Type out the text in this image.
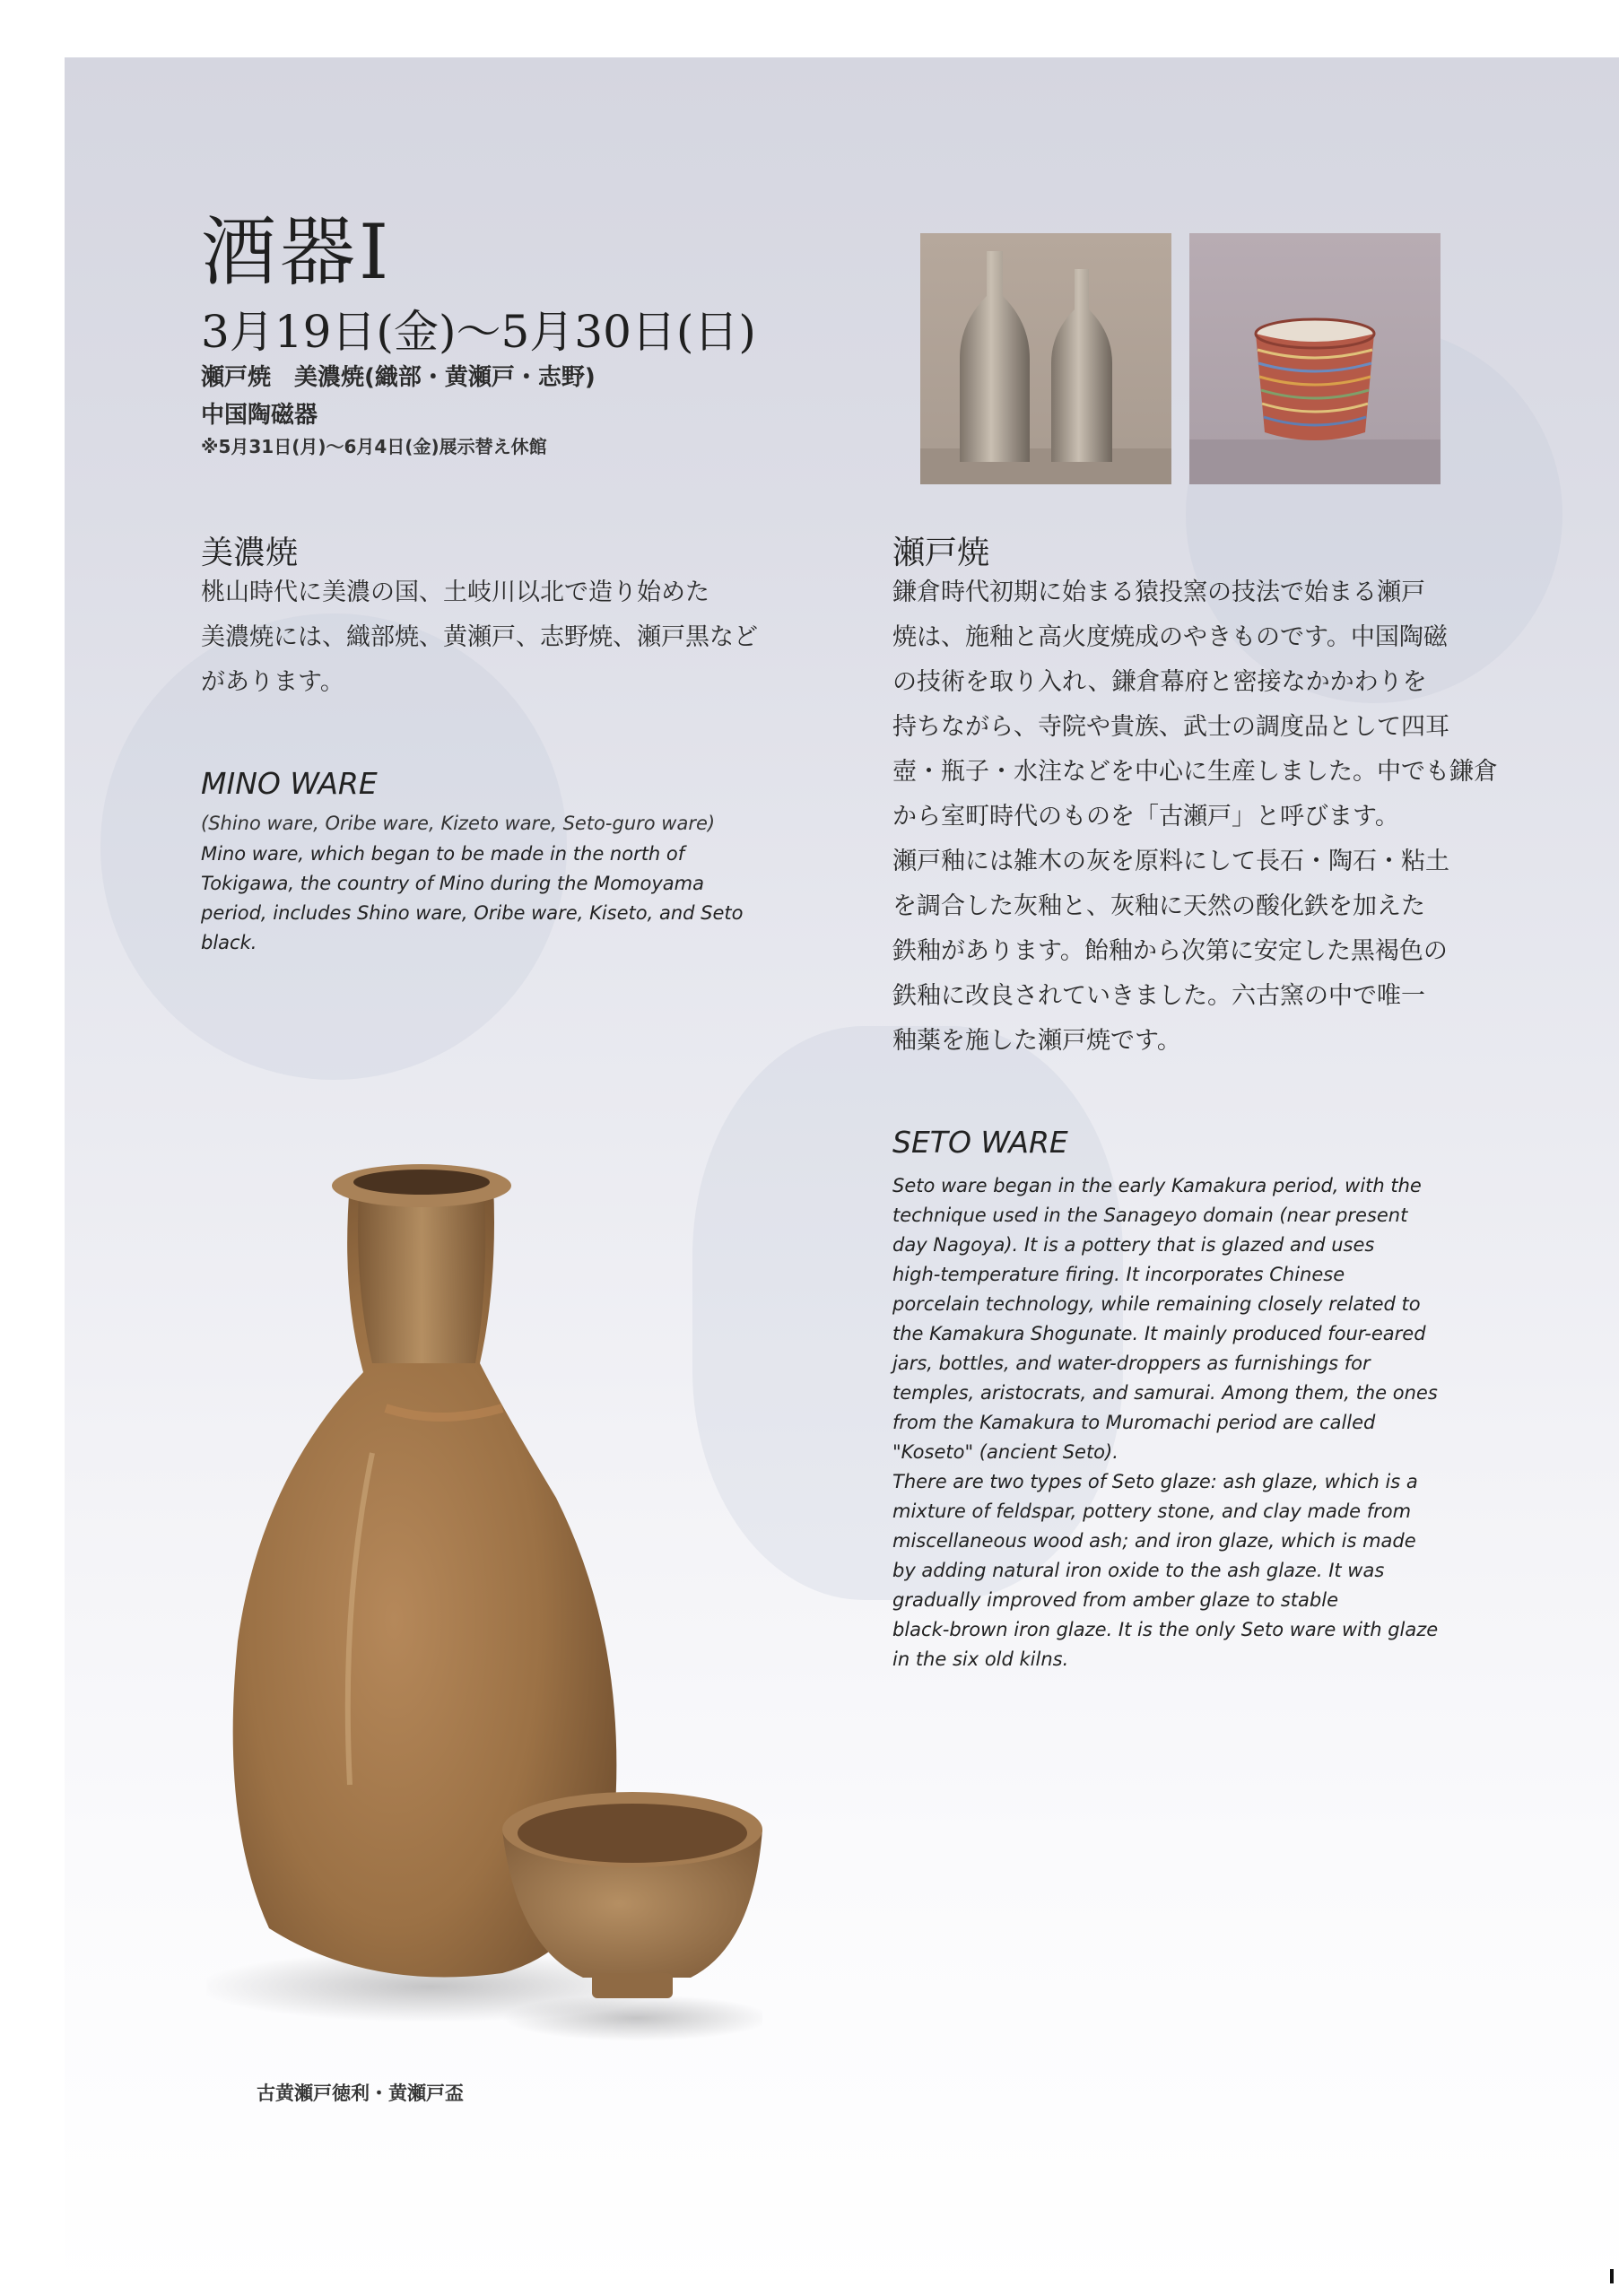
酒器Ⅰ
3月19日(金)～5月30日(日)
瀬戸焼　美濃焼(織部・黄瀬戸・志野)
中国陶磁器
※5月31日(月)～6月4日(金)展示替え休館
美濃焼

桃山時代に美濃の国、土岐川以北で造り始めた

美濃焼には、織部焼、黄瀬戸、志野焼、瀬戸黒など

があります。

MINO WARE

(Shino ware, Oribe ware, Kizeto ware, Seto-guro ware)

Mino ware, which began to be made in the north of

Tokigawa, the country of Mino during the Momoyama

period, includes Shino ware, Oribe ware, Kiseto, and Seto

black.

瀬戸焼

鎌倉時代初期に始まる猿投窯の技法で始まる瀬戸

焼は、施釉と高火度焼成のやきものです。中国陶磁

の技術を取り入れ、鎌倉幕府と密接なかかわりを

持ちながら、寺院や貴族、武士の調度品として四耳

壺・瓶子・水注などを中心に生産しました。中でも鎌倉

から室町時代のものを「古瀬戸」と呼びます。

瀬戸釉には雑木の灰を原料にして長石・陶石・粘土

を調合した灰釉と、灰釉に天然の酸化鉄を加えた

鉄釉があります。飴釉から次第に安定した黒褐色の

鉄釉に改良されていきました。六古窯の中で唯一

釉薬を施した瀬戸焼です。

SETO WARE

Seto ware began in the early Kamakura period, with the

technique used in the Sanageyo domain (near present

day Nagoya). It is a pottery that is glazed and uses

high-temperature firing. It incorporates Chinese

porcelain technology, while remaining closely related to

the Kamakura Shogunate. It mainly produced four-eared

jars, bottles, and water-droppers as furnishings for

temples, aristocrats, and samurai. Among them, the ones

from the Kamakura to Muromachi period are called

"Koseto" (ancient Seto).

There are two types of Seto glaze: ash glaze, which is a

mixture of feldspar, pottery stone, and clay made from

miscellaneous wood ash; and iron glaze, which is made

by adding natural iron oxide to the ash glaze. It was

gradually improved from amber glaze to stable

black-brown iron glaze. It is the only Seto ware with glaze

in the six old kilns.

古黄瀬戸徳利・黄瀬戸盃
